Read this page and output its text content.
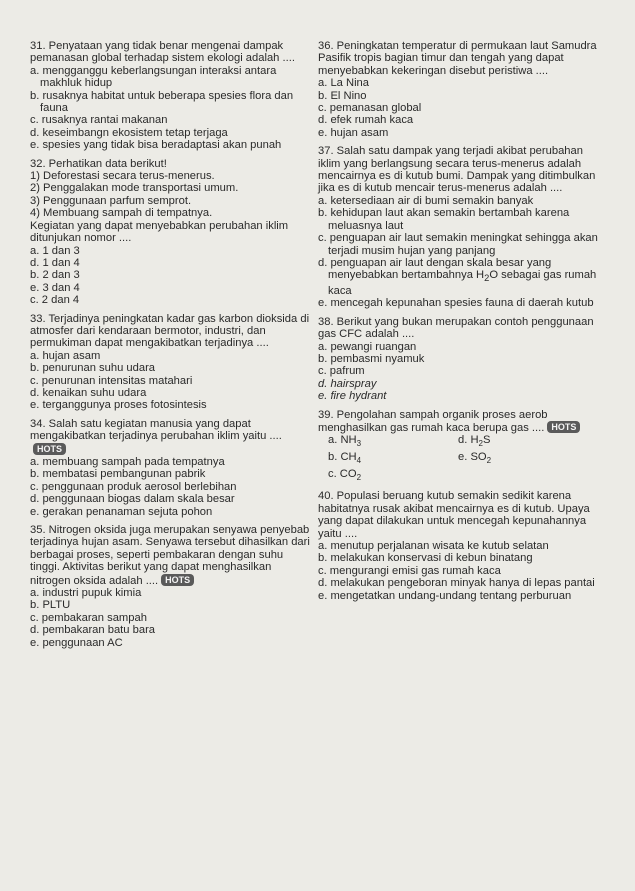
31. Penyataan yang tidak benar mengenai dampak pemanasan global terhadap sistem ekologi adalah ....
a. mengganggu keberlangsungan interaksi antara makhluk hidup
b. rusaknya habitat untuk beberapa spesies flora dan fauna
c. rusaknya rantai makanan
d. keseimbangn ekosistem tetap terjaga
e. spesies yang tidak bisa beradaptasi akan punah
32. Perhatikan data berikut!
1) Deforestasi secara terus-menerus.
2) Penggalakan mode transportasi umum.
3) Penggunaan parfum semprot.
4) Membuang sampah di tempatnya.
Kegiatan yang dapat menyebabkan perubahan iklim ditunjukan nomor ....
a. 1 dan 3
d. 1 dan 4
b. 2 dan 3
e. 3 dan 4
c. 2 dan 4
33. Terjadinya peningkatan kadar gas karbon dioksida di atmosfer dari kendaraan bermotor, industri, dan permukiman dapat mengakibatkan terjadinya ....
a. hujan asam
b. penurunan suhu udara
c. penurunan intensitas matahari
d. kenaikan suhu udara
e. terganggunya proses fotosintesis
34. Salah satu kegiatan manusia yang dapat mengakibatkan terjadinya perubahan iklim yaitu ....HOTS
a. membuang sampah pada tempatnya
b. membatasi pembangunan pabrik
c. penggunaan produk aerosol berlebihan
d. penggunaan biogas dalam skala besar
e. gerakan penanaman sejuta pohon
35. Nitrogen oksida juga merupakan senyawa penyebab terjadinya hujan asam. Senyawa tersebut dihasilkan dari berbagai proses, seperti pembakaran dengan suhu tinggi. Aktivitas berikut yang dapat menghasilkan nitrogen oksida adalah .... HOTS
a. industri pupuk kimia
b. PLTU
c. pembakaran sampah
d. pembakaran batu bara
e. penggunaan AC
36. Peningkatan temperatur di permukaan laut Samudra Pasifik tropis bagian timur dan tengah yang dapat menyebabkan kekeringan disebut peristiwa ....
a. La Nina
b. El Nino
c. pemanasan global
d. efek rumah kaca
e. hujan asam
37. Salah satu dampak yang terjadi akibat perubahan iklim yang berlangsung secara terus-menerus adalah mencairnya es di kutub bumi. Dampak yang ditimbulkan jika es di kutub mencair terus-menerus adalah ....
a. ketersediaan air di bumi semakin banyak
b. kehidupan laut akan semakin bertambah karena meluasnya laut
c. penguapan air laut semakin meningkat sehingga akan terjadi musim hujan yang panjang
d. penguapan air laut dengan skala besar yang menyebabkan bertambahnya $H_2O$ sebagai gas rumah kaca
e. mencegah kepunahan spesies fauna di daerah kutub
38. Berikut yang bukan merupakan contoh penggunaan gas CFC adalah ....
a. pewangi ruangan
b. pembasmi nyamuk
c. pafrum
d. hairspray
e. fire hydrant
39. Pengolahan sampah organik proses aerob menghasilkan gas rumah kaca berupa gas .... HOTS
a. $NH_3$	d. $H_2S$
b. $CH_4$	e. $SO_2$
c. $CO_2$
40. Populasi beruang kutub semakin sedikit karena habitatnya rusak akibat mencairnya es di kutub. Upaya yang dapat dilakukan untuk mencegah kepunahannya yaitu ....
a. menutup perjalanan wisata ke kutub selatan
b. melakukan konservasi di kebun binatang
c. mengurangi emisi gas rumah kaca
d. melakukan pengeboran minyak hanya di lepas pantai
e. mengetatkan undang-undang tentang perburuan
